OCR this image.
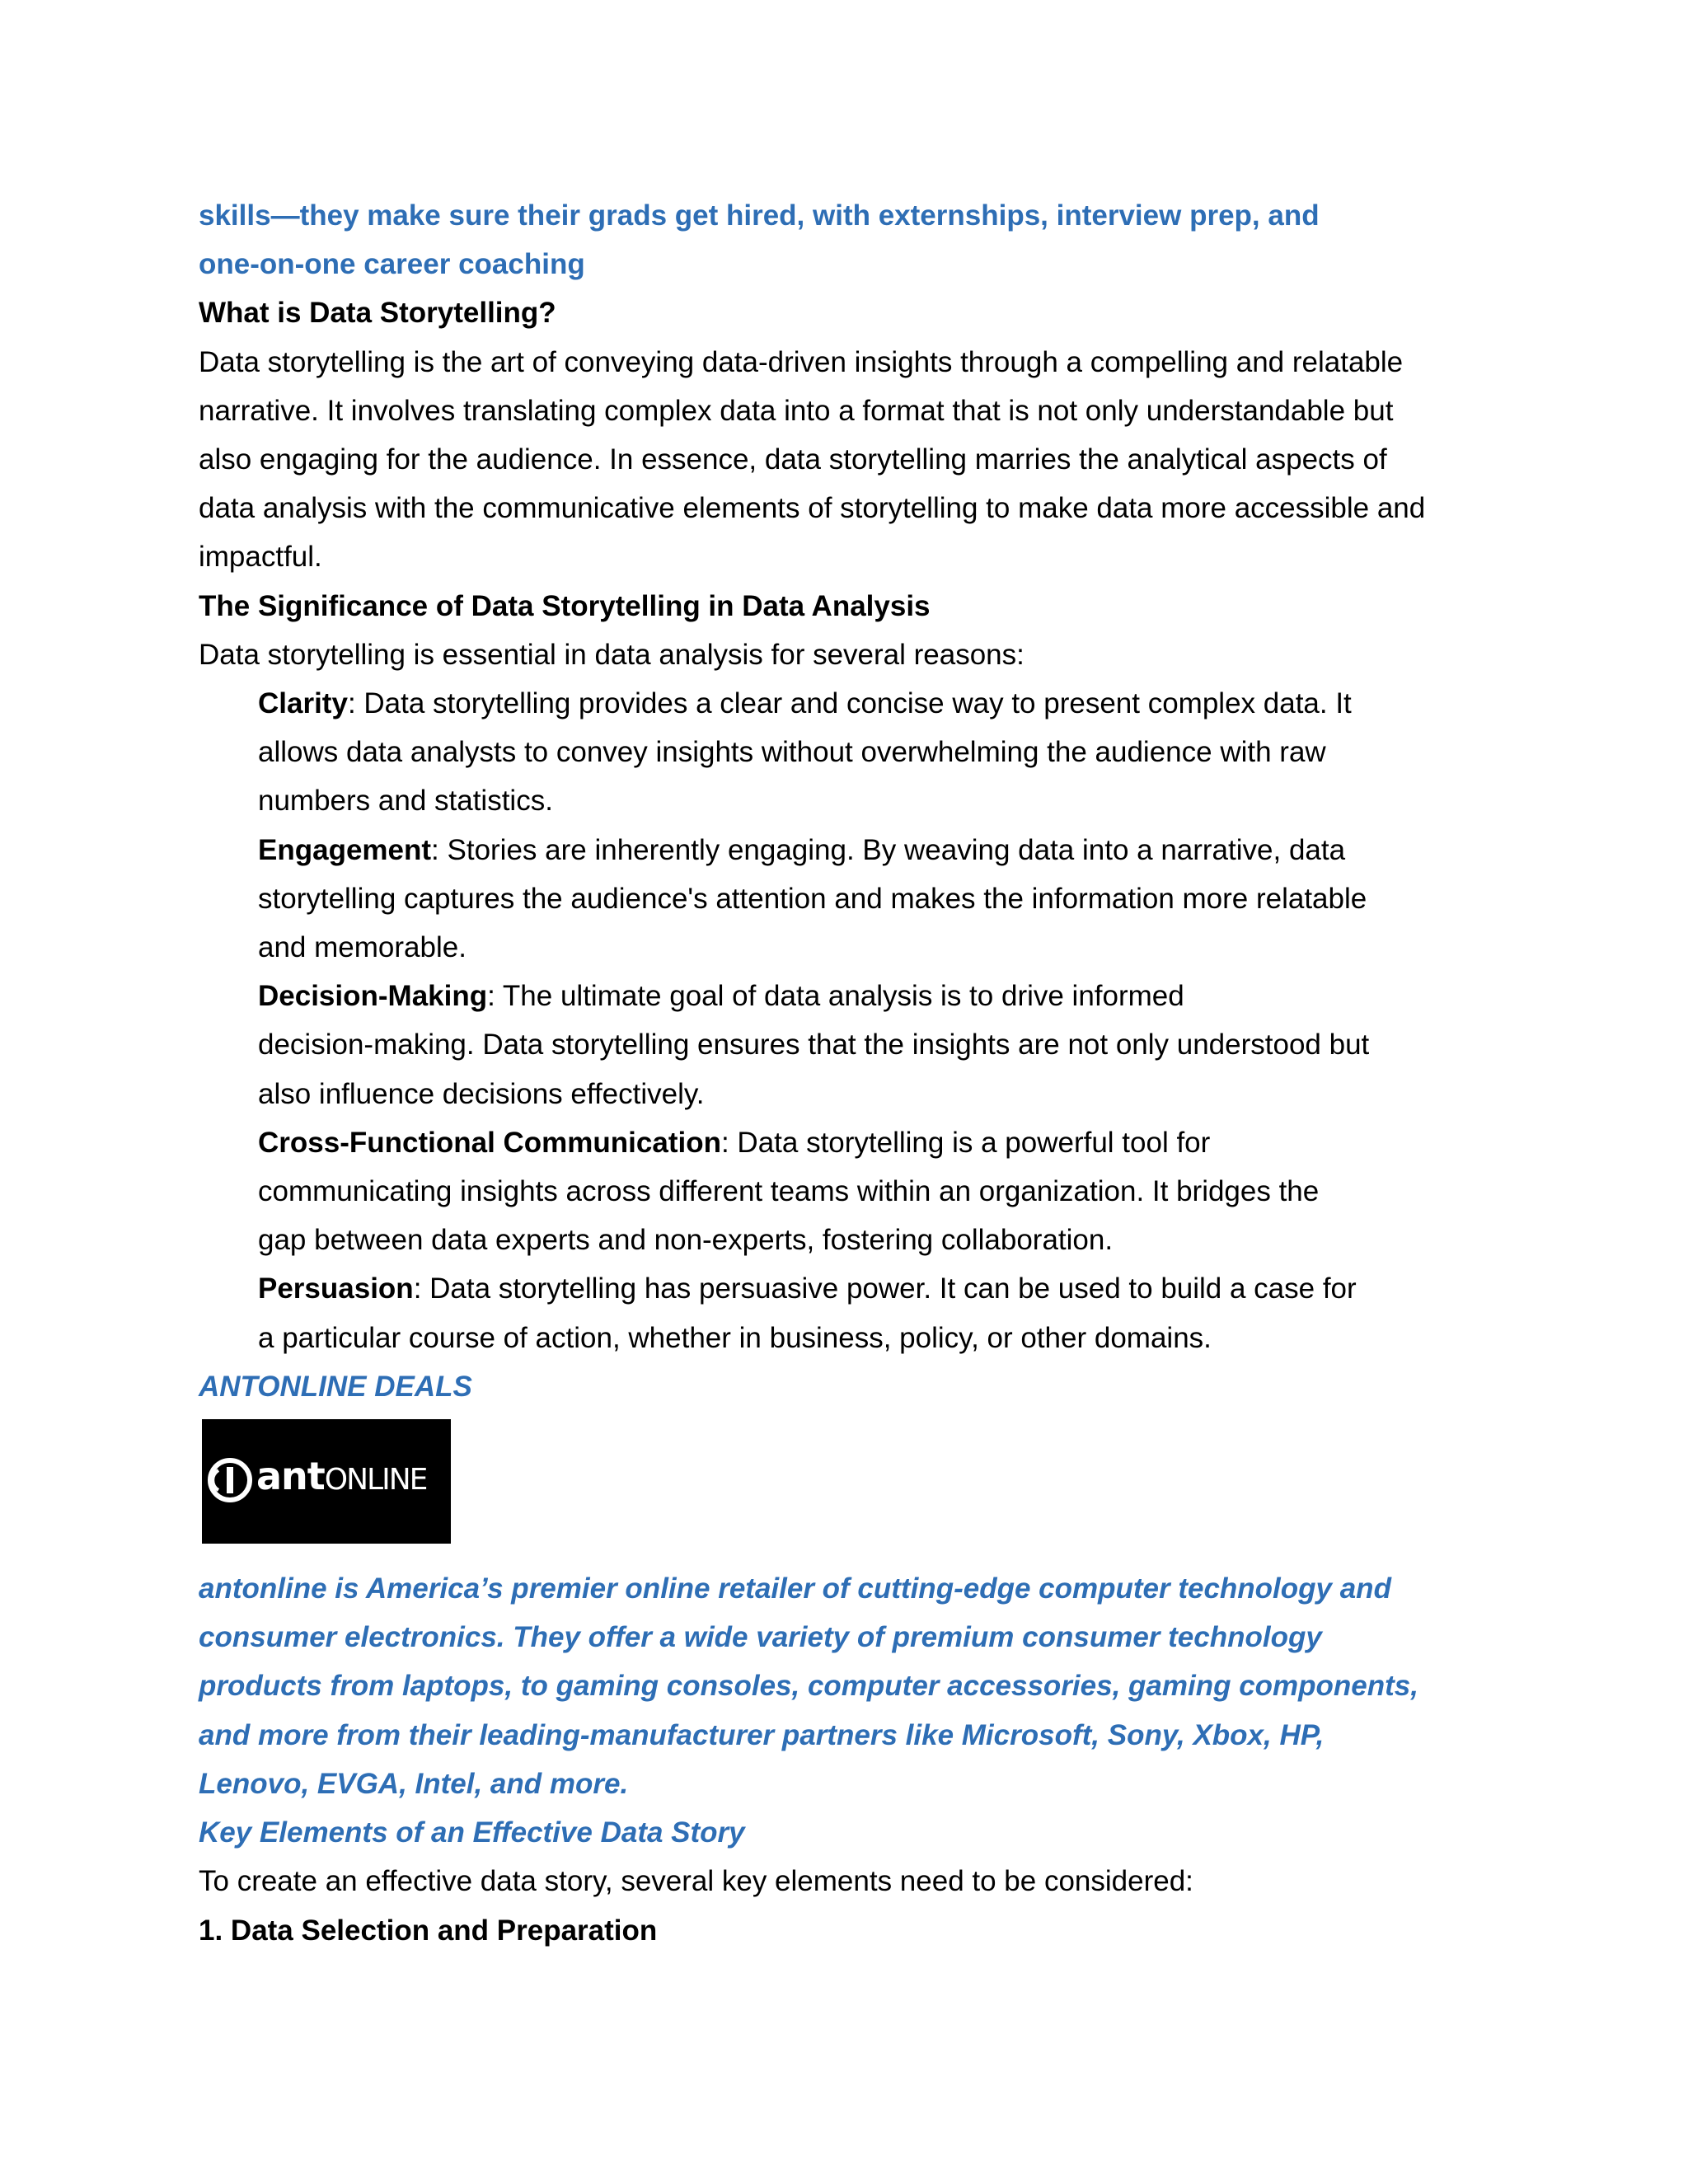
skills—they make sure their grads get hired, with externships, interview prep, and
one-on-one career coaching
What is Data Storytelling?
Data storytelling is the art of conveying data-driven insights through a compelling and relatable
narrative. It involves translating complex data into a format that is not only understandable but
also engaging for the audience. In essence, data storytelling marries the analytical aspects of
data analysis with the communicative elements of storytelling to make data more accessible and
impactful.
The Significance of Data Storytelling in Data Analysis
Data storytelling is essential in data analysis for several reasons:
Clarity: Data storytelling provides a clear and concise way to present complex data. It
allows data analysts to convey insights without overwhelming the audience with raw
numbers and statistics.
Engagement: Stories are inherently engaging. By weaving data into a narrative, data
storytelling captures the audience's attention and makes the information more relatable
and memorable.
Decision-Making: The ultimate goal of data analysis is to drive informed
decision-making. Data storytelling ensures that the insights are not only understood but
also influence decisions effectively.
Cross-Functional Communication: Data storytelling is a powerful tool for
communicating insights across different teams within an organization. It bridges the
gap between data experts and non-experts, fostering collaboration.
Persuasion: Data storytelling has persuasive power. It can be used to build a case for
a particular course of action, whether in business, policy, or other domains.
ANTONLINE DEALS
ant ONLINE
antonline is America’s premier online retailer of cutting-edge computer technology and
consumer electronics. They offer a wide variety of premium consumer technology
products from laptops, to gaming consoles, computer accessories, gaming components,
and more from their leading-manufacturer partners like Microsoft, Sony, Xbox, HP,
Lenovo, EVGA, Intel, and more.
Key Elements of an Effective Data Story
To create an effective data story, several key elements need to be considered:
1. Data Selection and Preparation
